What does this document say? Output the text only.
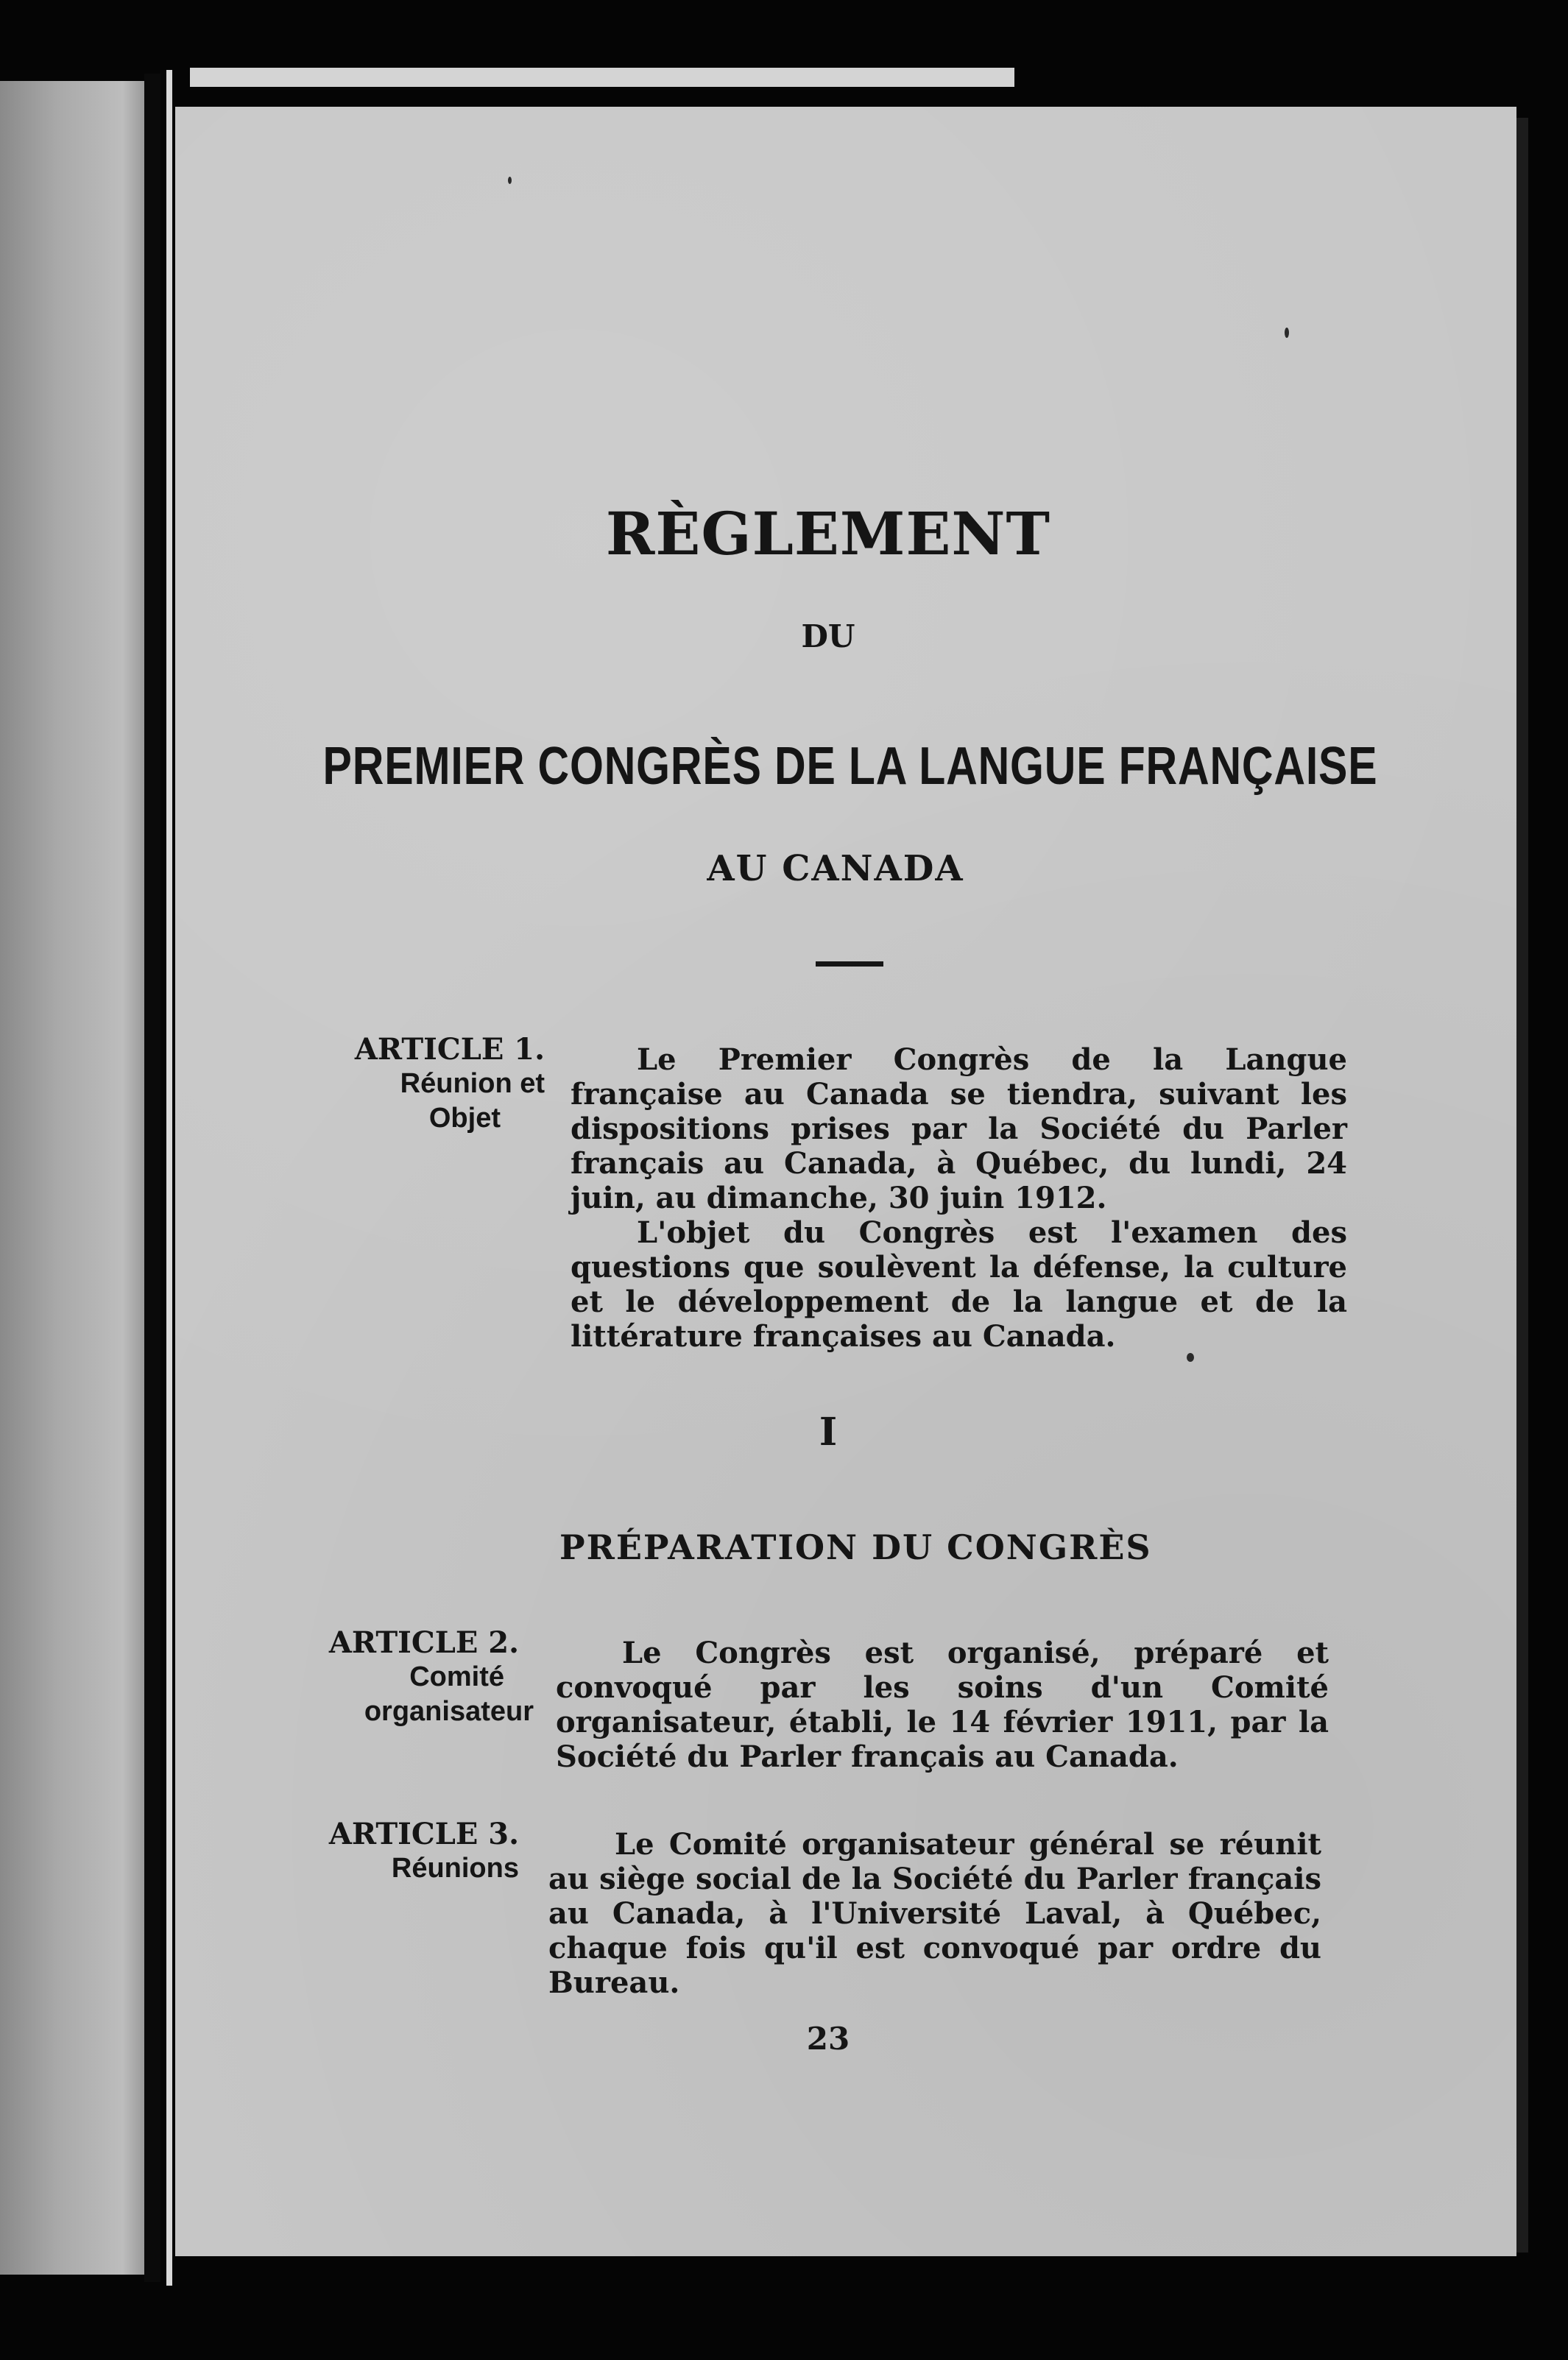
RÈGLEMENT
DU
PREMIER CONGRÈS DE LA LANGUE FRANÇAISE
AU CANADA
ARTICLE 1.
Réunion et
Objet

Le Premier Congrès de la Langue française au Canada se tiendra, suivant les dispositions prises par la Société du Parler français au Canada, à Québec, du lundi, 24 juin, au dimanche, 30 juin 1912.

L'objet du Congrès est l'examen des questions que soulèvent la défense, la culture et le développement de la langue et de la littérature françaises au Canada.

I
PRÉPARATION DU CONGRÈS
ARTICLE 2.
Comité
organisateur

Le Congrès est organisé, préparé et convoqué par les soins d'un Comité organisateur, établi, le 14 février 1911, par la Société du Parler français au Canada.

ARTICLE 3.
Réunions

Le Comité organisateur général se réunit au siège social de la Société du Parler français au Canada, à l'Université Laval, à Québec, chaque fois qu'il est convoqué par ordre du Bureau.

23
